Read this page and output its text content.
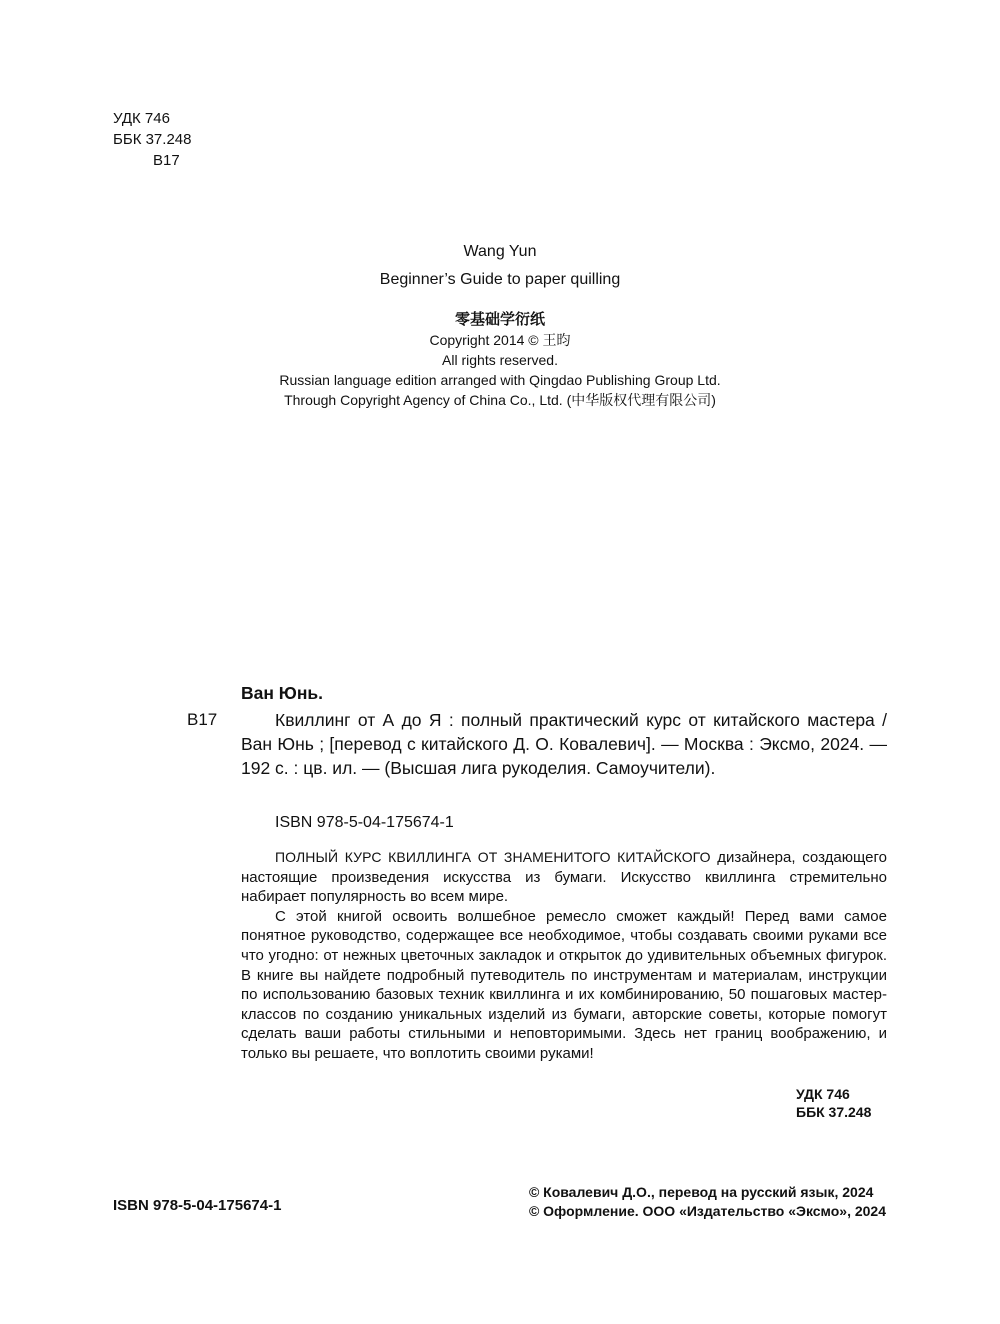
УДК 746
ББК 37.248
В17
Wang Yun
Beginner’s Guide to paper quilling
零基础学衍纸
Copyright 2014 © 王昀
All rights reserved.
Russian language edition arranged with Qingdao Publishing Group Ltd.
Through Copyright Agency of China Co., Ltd. (中华版权代理有限公司)
Ван Юнь.
В17	Квиллинг от А до Я : полный практический курс от китайского мастера / Ван Юнь ; [перевод с китайского Д. О. Ковалевич]. — Москва : Эксмо, 2024. — 192 с. : цв. ил. — (Высшая лига рукоделия. Самоучители).
ISBN 978-5-04-175674-1

ПОЛНЫЙ КУРС КВИЛЛИНГА ОТ ЗНАМЕНИТОГО КИТАЙСКОГО дизайнера, создающего настоящие произведения искусства из бумаги. Искусство квиллинга стремительно набирает популярность во всем мире.

С этой книгой освоить волшебное ремесло сможет каждый! Перед вами самое понятное руководство, содержащее все необходимое, чтобы создавать своими руками все что угодно: от нежных цветочных закладок и открыток до удивительных объемных фигурок. В книге вы найдете подробный путеводитель по инструментам и материалам, инструкции по использованию базовых техник квиллинга и их комбинированию, 50 пошаговых мастер-классов по созданию уникальных изделий из бумаги, авторские советы, которые помогут сделать ваши работы стильными и неповторимыми. Здесь нет границ воображению, и только вы решаете, что воплотить своими руками!

УДК 746
ББК 37.248
ISBN 978-5-04-175674-1
© Ковалевич Д.О., перевод на русский язык, 2024
© Оформление. ООО «Издательство «Эксмо», 2024
